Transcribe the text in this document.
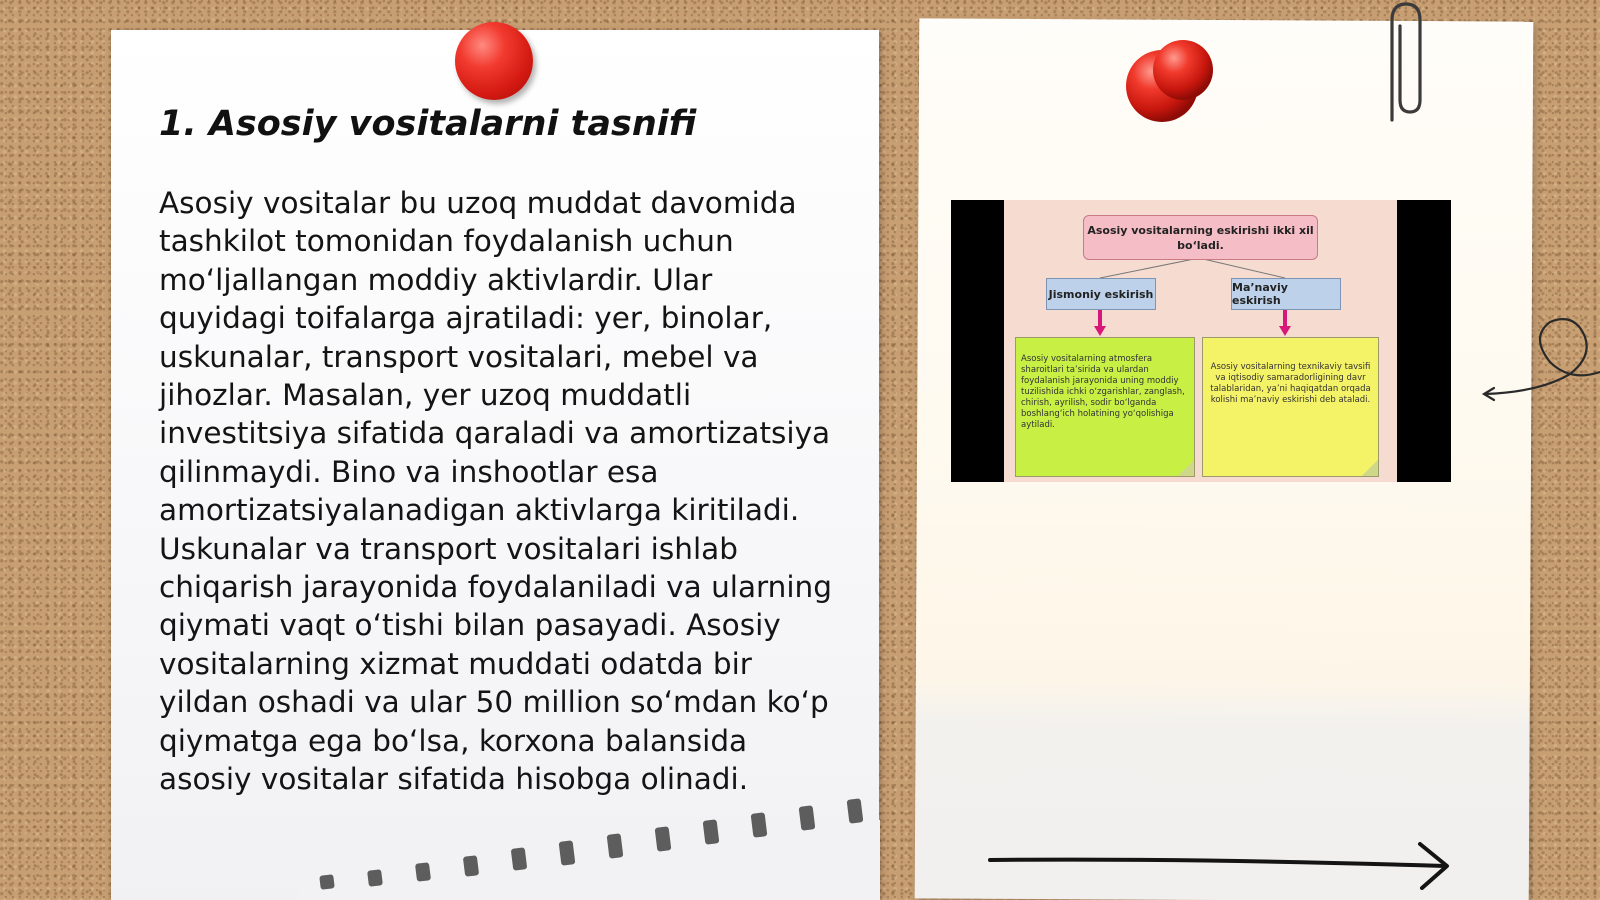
1. Asosiy vositalarni tasnifi

Asosiy vositalar bu uzoq muddat davomida tashkilot tomonidan foydalanish uchun mo‘ljallangan moddiy aktivlardir. Ular quyidagi toifalarga ajratiladi: yer, binolar, uskunalar, transport vositalari, mebel va jihozlar. Masalan, yer uzoq muddatli investitsiya sifatida qaraladi va amortizatsiya qilinmaydi. Bino va inshootlar esa amortizatsiyalanadigan aktivlarga kiritiladi. Uskunalar va transport vositalari ishlab chiqarish jarayonida foydalaniladi va ularning qiymati vaqt o‘tishi bilan pasayadi. Asosiy vositalarning xizmat muddati odatda bir yildan oshadi va ular 50 million so‘mdan ko‘p qiymatga ega bo‘lsa, korxona balansida asosiy vositalar sifatida hisobga olinadi.

Asosiy vositalarning eskirishi ikki xil bo‘ladi.
Jismoniy eskirish	Ma’naviy eskirish
Asosiy vositalarning atmosfera sharoitlari ta’sirida va ulardan foydalanish jarayonida uning moddiy tuzilishida ichki o‘zgarishlar, zanglash, chirish, ayrilish, sodir bo‘lganda boshlang‘ich holatining yo‘qolishiga aytiladi.
Asosiy vositalarning texnikaviy tavsifi va iqtisodiy samaradorligining davr talablaridan, ya’ni haqiqatdan orqada kolishi ma’naviy eskirishi deb ataladi.
